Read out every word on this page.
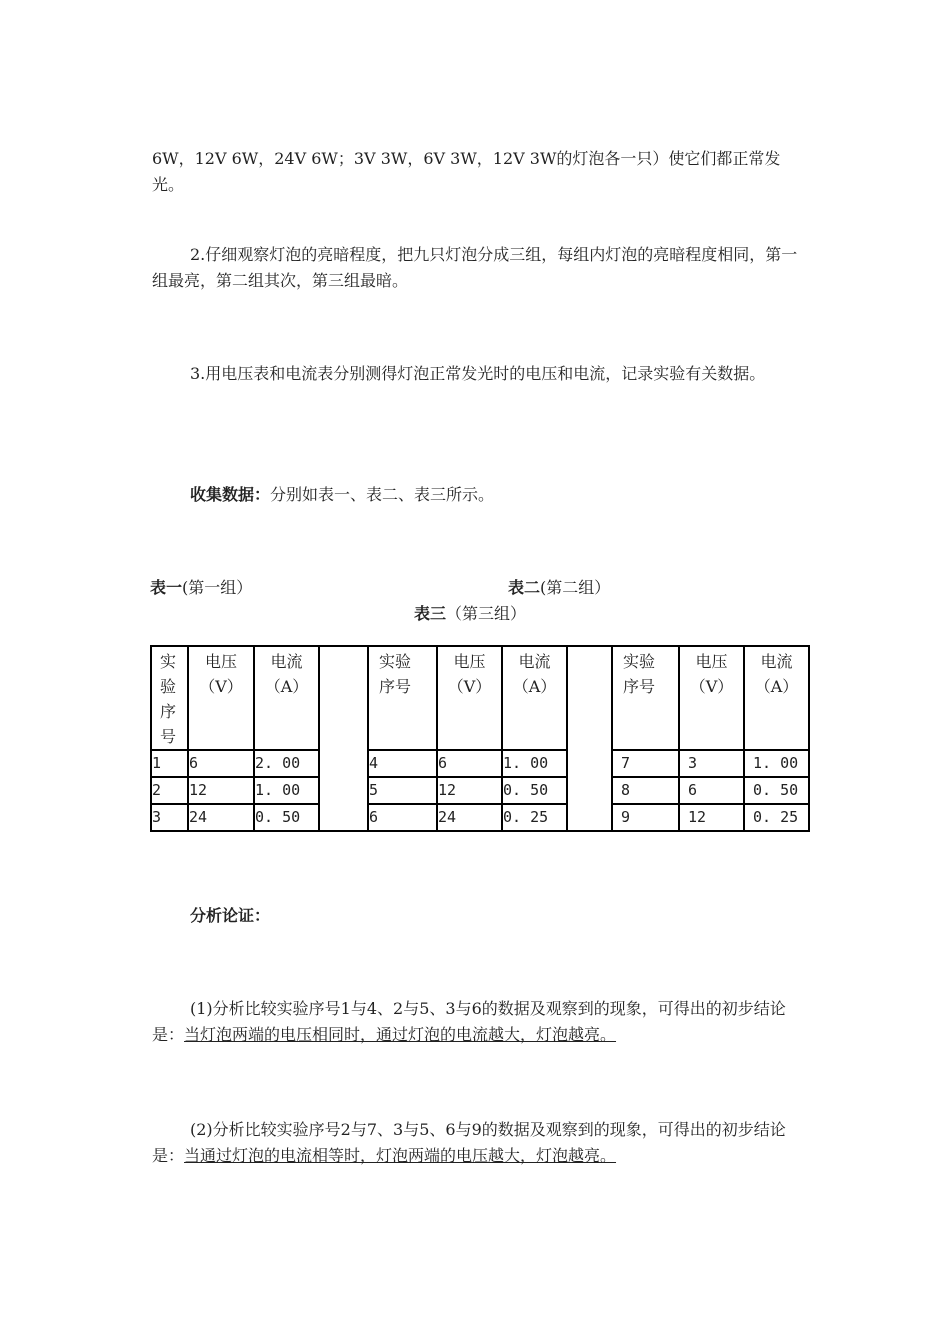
6W，12V 6W，24V 6W；3V 3W，6V 3W，12V 3W的灯泡各一只）使它们都正常发光。

2.仔细观察灯泡的亮暗程度，把九只灯泡分成三组，每组内灯泡的亮暗程度相同，第一组最亮，第二组其次，第三组最暗。

3.用电压表和电流表分别测得灯泡正常发光时的电压和电流，记录实验有关数据。

收集数据：分别如表一、表二、表三所示。

表一(第一组）	表二(第二组）
表三（第三组）
实验序号	电压（V）	电流（A）		实验序号	电压（V）	电流（A）		实验序号	电压（V）	电流（A）
1	6	2. 00		4	6	1. 00		7	3	1. 00
2	12	1. 00		5	12	0. 50		8	6	0. 50
3	24	0. 50		6	24	0. 25		9	12	0. 25

分析论证：

(1)分析比较实验序号1与4、2与5、3与6的数据及观察到的现象，可得出的初步结论是：当灯泡两端的电压相同时，通过灯泡的电流越大，灯泡越亮。

(2)分析比较实验序号2与7、3与5、6与9的数据及观察到的现象，可得出的初步结论是：当通过灯泡的电流相等时，灯泡两端的电压越大，灯泡越亮。
